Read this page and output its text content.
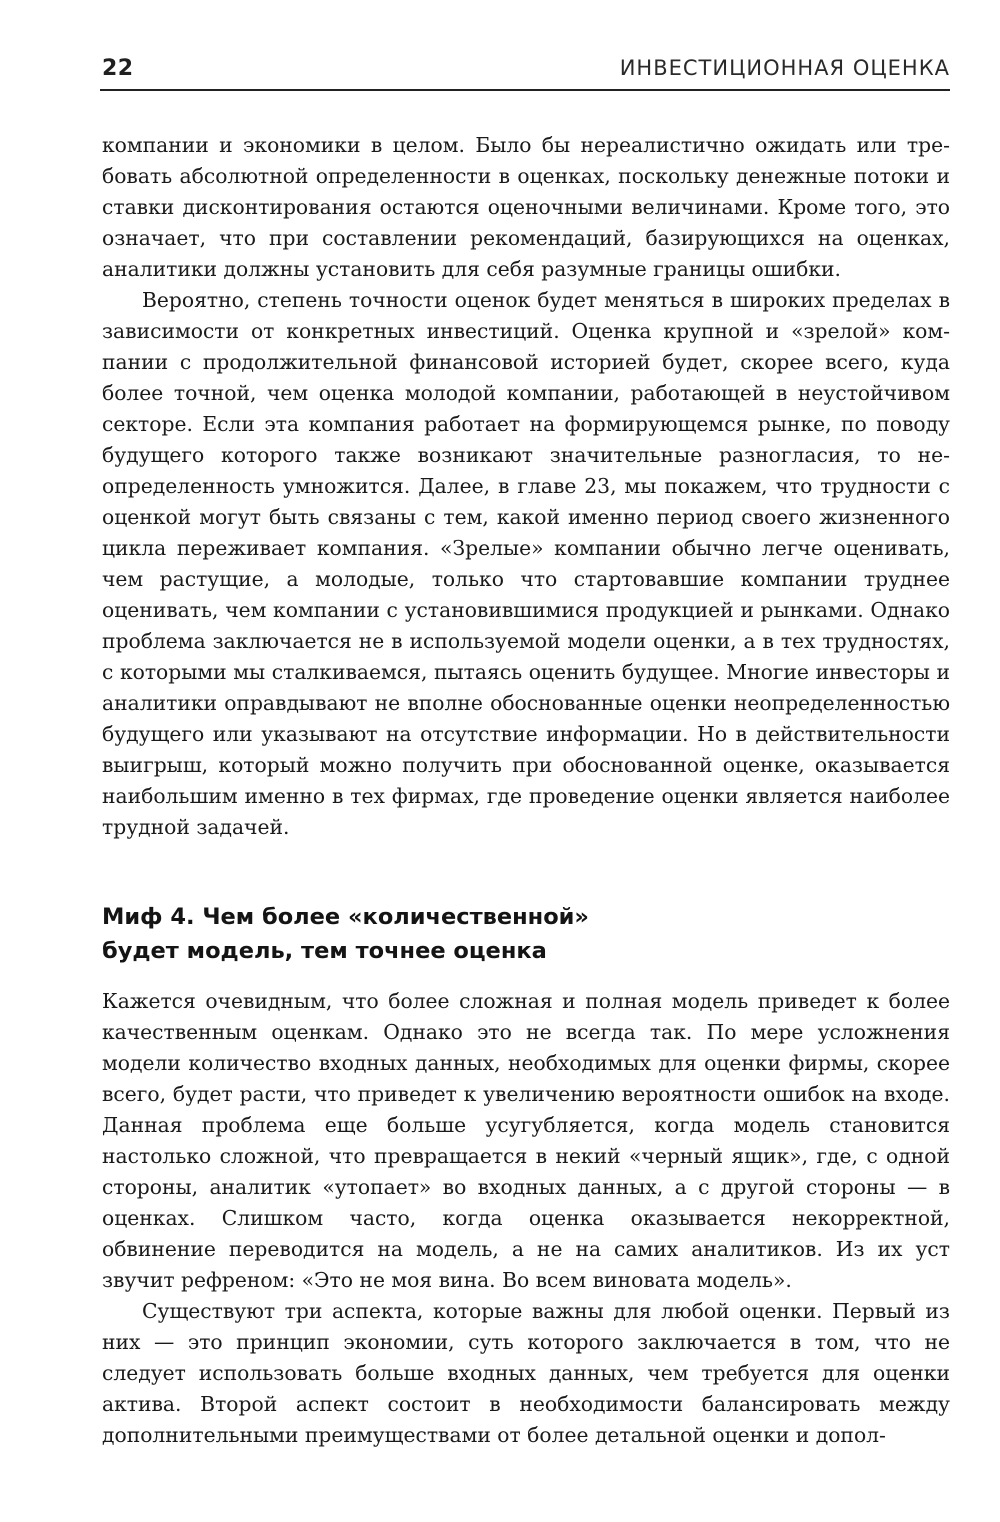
22	ИНВЕСТИЦИОННАЯ ОЦЕНКА

компании и экономики в целом. Было бы нереалистично ожидать или требовать абсолютной определенности в оценках, поскольку денежные потоки и ставки дисконтирования остаются оценочными величинами. Кроме того, это означает, что при составлении рекомендаций, базирующихся на оценках, аналитики должны установить для себя разумные границы ошибки.

Вероятно, степень точности оценок будет меняться в широких пределах в зависимости от конкретных инвестиций. Оценка крупной и «зрелой» компании с продолжительной финансовой историей будет, скорее всего, куда более точной, чем оценка молодой компании, работающей в неустойчивом секторе. Если эта компания работает на формирующемся рынке, по поводу будущего которого также возникают значительные разногласия, то неопределенность умножится. Далее, в главе 23, мы покажем, что трудности с оценкой могут быть связаны с тем, какой именно период своего жизненного цикла переживает компания. «Зрелые» компании обычно легче оценивать, чем растущие, а молодые, только что стартовавшие компании труднее оценивать, чем компании с установившимися продукцией и рынками. Однако проблема заключается не в используемой модели оценки, а в тех трудностях, с которыми мы сталкиваемся, пытаясь оценить будущее. Многие инвесторы и аналитики оправдывают не вполне обоснованные оценки неопределенностью будущего или указывают на отсутствие информации. Но в действительности выигрыш, который можно получить при обоснованной оценке, оказывается наибольшим именно в тех фирмах, где проведение оценки является наиболее трудной задачей.

Миф 4. Чем более «количественной»
будет модель, тем точнее оценка

Кажется очевидным, что более сложная и полная модель приведет к более качественным оценкам. Однако это не всегда так. По мере усложнения модели количество входных данных, необходимых для оценки фирмы, скорее всего, будет расти, что приведет к увеличению вероятности ошибок на входе. Данная проблема еще больше усугубляется, когда модель становится настолько сложной, что превращается в некий «черный ящик», где, с одной стороны, аналитик «утопает» во входных данных, а с другой стороны — в оценках. Слишком часто, когда оценка оказывается некорректной, обвинение переводится на модель, а не на самих аналитиков. Из их уст звучит рефреном: «Это не моя вина. Во всем виновата модель».

Существуют три аспекта, которые важны для любой оценки. Первый из них — это принцип экономии, суть которого заключается в том, что не следует использовать больше входных данных, чем требуется для оценки актива. Второй аспект состоит в необходимости балансировать между дополнительными преимуществами от более детальной оценки и допол-
